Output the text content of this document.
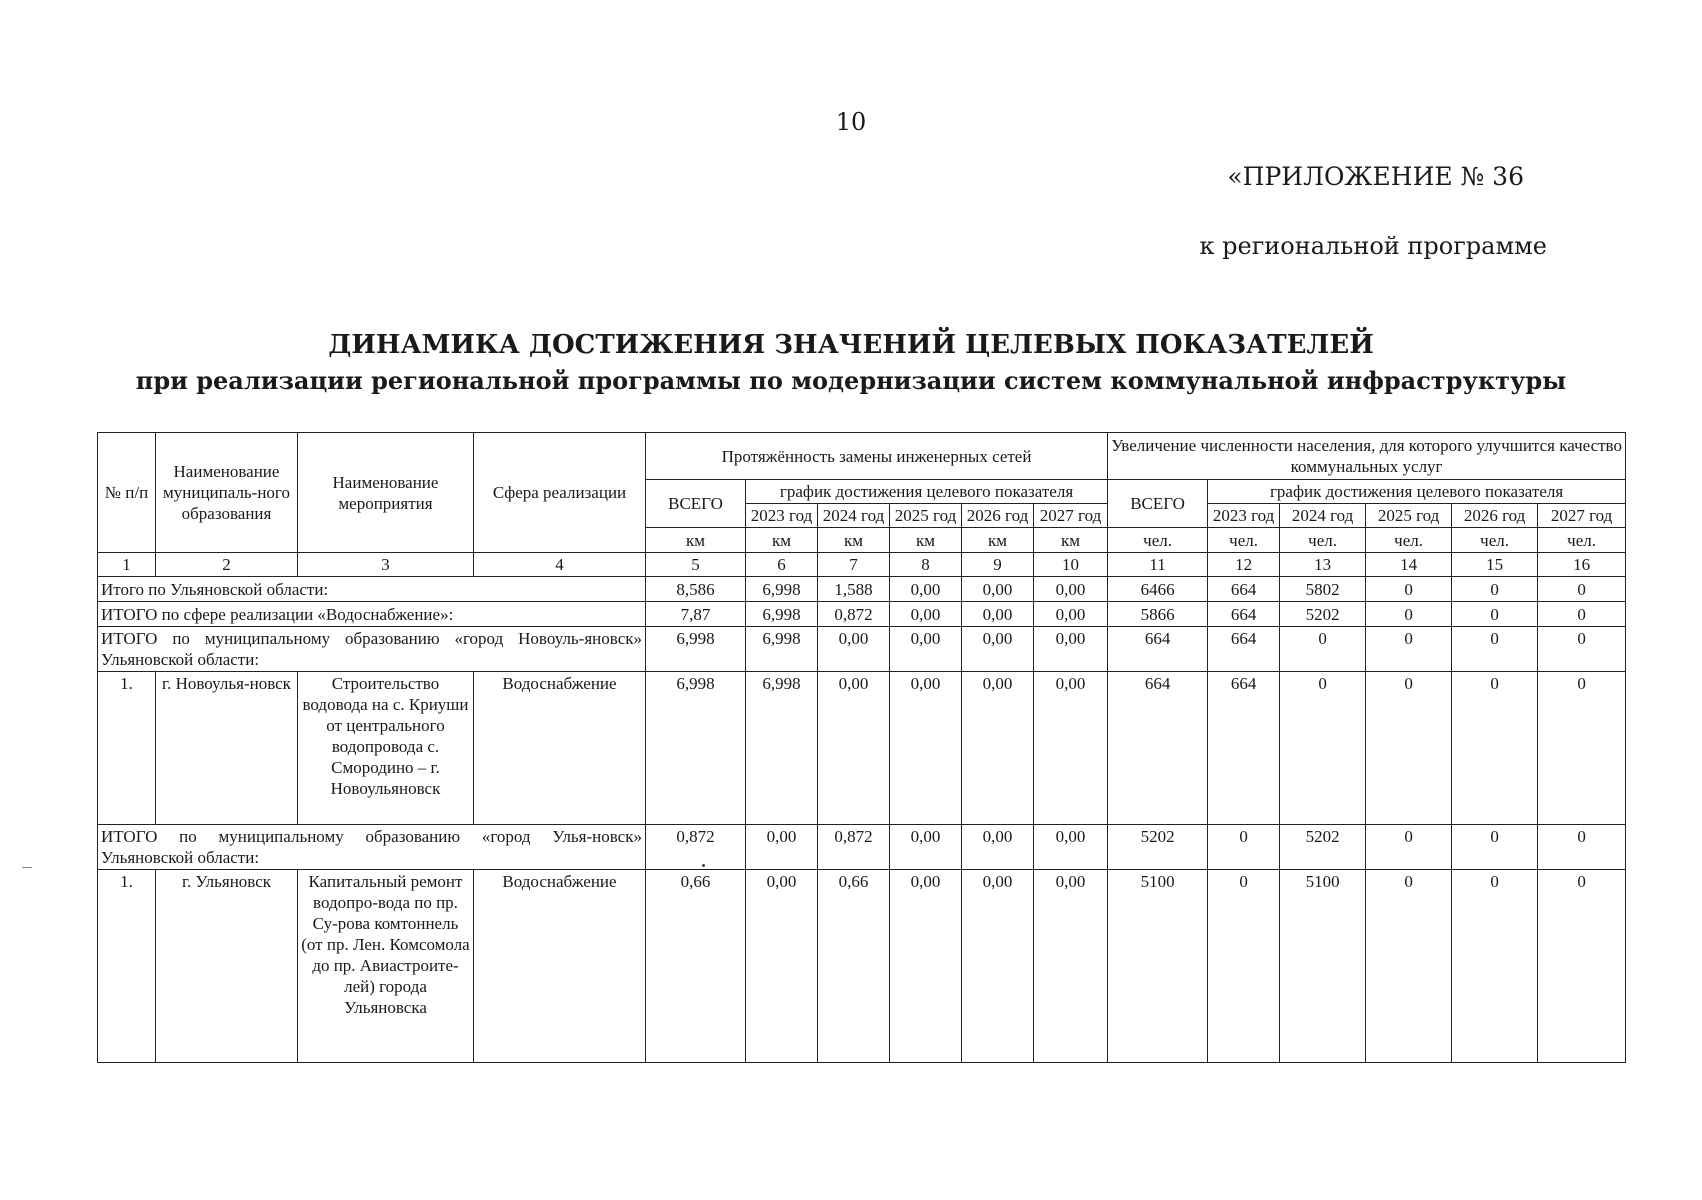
10
«ПРИЛОЖЕНИЕ № 36
к региональной программе
ДИНАМИКА ДОСТИЖЕНИЯ ЗНАЧЕНИЙ ЦЕЛЕВЫХ ПОКАЗАТЕЛЕЙ
при реализации региональной программы по модернизации систем коммунальной инфраструктуры
№ п/п	Наименование муниципаль-ного образования	Наименование мероприятия	Сфера реализации	Протяжённость замены инженерных сетей						Увеличение численности населения, для которого улучшится качество коммунальных услуг					
				ВСЕГО	график достижения целевого показателя					ВСЕГО	график достижения целевого показателя				
					2023 год	2024 год	2025 год	2026 год	2027 год		2023 год	2024 год	2025 год	2026 год	2027 год
				км	км	км	км	км	км	чел.	чел.	чел.	чел.	чел.	чел.
1	2	3	4	5	6	7	8	9	10	11	12	13	14	15	16
Итого по Ульяновской области:				8,586	6,998	1,588	0,00	0,00	0,00	6466	664	5802	0	0	0
ИТОГО по сфере реализации «Водоснабжение»:				7,87	6,998	0,872	0,00	0,00	0,00	5866	664	5202	0	0	0
ИТОГО по муниципальному образованию «город Новоуль-яновск» Ульяновской области:				6,998	6,998	0,00	0,00	0,00	0,00	664	664	0	0	0	0
1.	г. Новоулья-новск	Строительство водовода на с. Криуши от центрального водопровода с. Смородино – г. Новоульяновск	Водоснабжение	6,998	6,998	0,00	0,00	0,00	0,00	664	664	0	0	0	0
ИТОГО по муниципальному образованию «город Улья-новск» Ульяновской области:				0,872	0,00	0,872	0,00	0,00	0,00	5202	0	5202	0	0	0
1.	г. Ульяновск	Капитальный ремонт водопро-вода по пр. Су-рова комтоннель (от пр. Лен. Комсомола до пр. Авиастроите-лей) города Ульяновска	Водоснабжение	0,66	0,00	0,66	0,00	0,00	0,00	5100	0	5100	0	0	0
